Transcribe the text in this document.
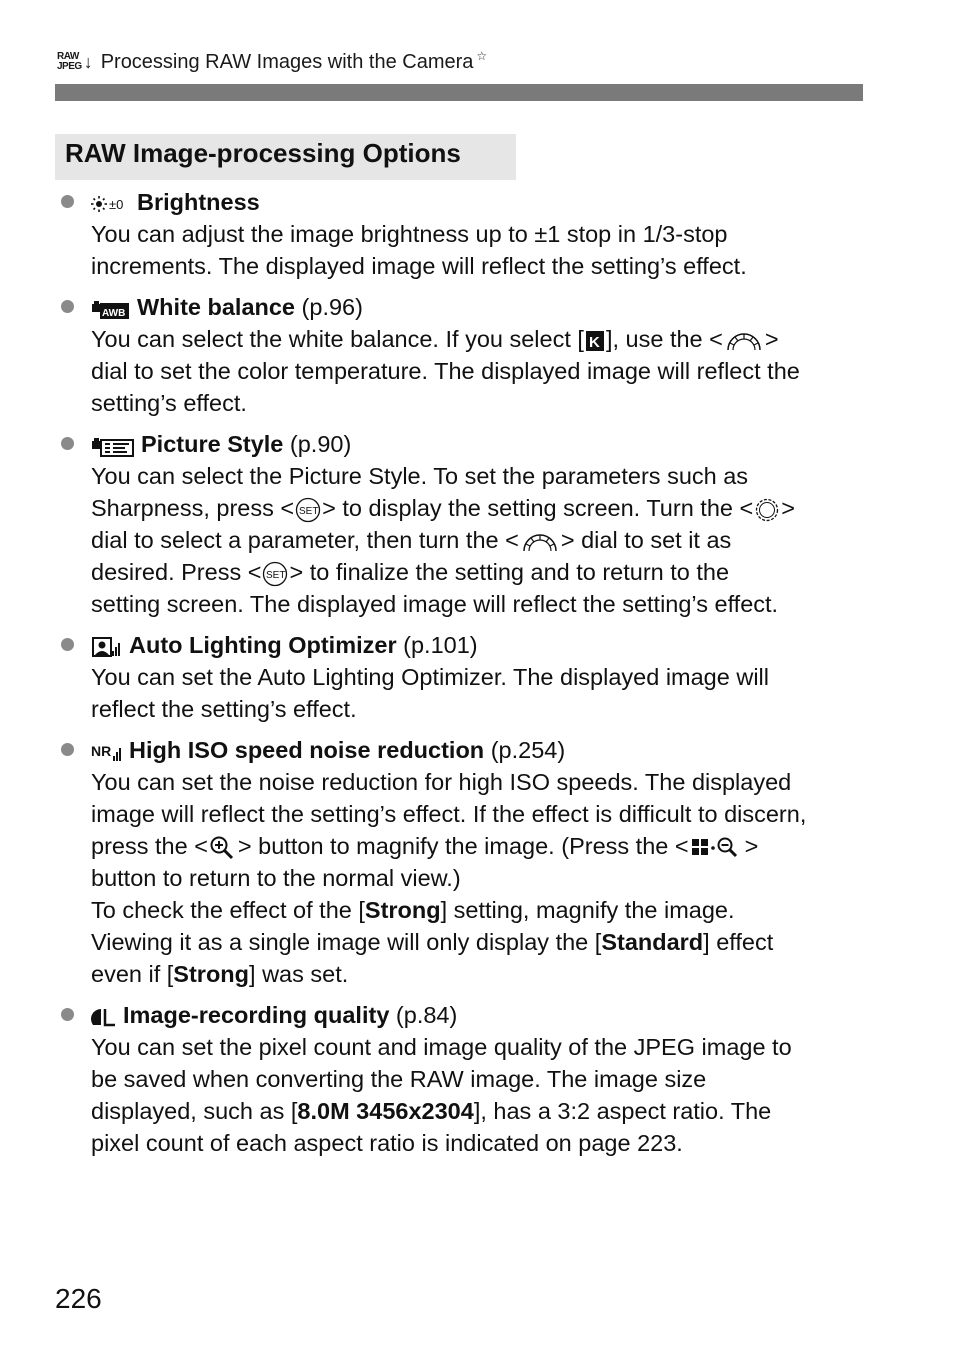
RAW
JPEG ↓ Processing RAW Images with the Camera ☆
RAW Image-processing Options
±0 Brightness
You can adjust the image brightness up to ±1 stop in 1/3-stop
increments. The displayed image will reflect the setting’s effect.
AWB White balance (p.96)
You can select the white balance. If you select [ K ], use the < >
dial to set the color temperature. The displayed image will reflect the
setting’s effect.
Picture Style (p.90)
You can select the Picture Style. To set the parameters such as
Sharpness, press < SET > to display the setting screen. Turn the < >
dial to select a parameter, then turn the < > dial to set it as
desired. Press < SET > to finalize the setting and to return to the
setting screen. The displayed image will reflect the setting’s effect.
Auto Lighting Optimizer (p.101)
You can set the Auto Lighting Optimizer. The displayed image will
reflect the setting’s effect.
NR High ISO speed noise reduction (p.254)
You can set the noise reduction for high ISO speeds. The displayed
image will reflect the setting’s effect. If the effect is difficult to discern,
press the < > button to magnify the image. (Press the < >
button to return to the normal view.)
To check the effect of the [Strong] setting, magnify the image.
Viewing it as a single image will only display the [Standard] effect
even if [Strong] was set.
Image-recording quality (p.84)
You can set the pixel count and image quality of the JPEG image to
be saved when converting the RAW image. The image size
displayed, such as [8.0M 3456x2304], has a 3:2 aspect ratio. The
pixel count of each aspect ratio is indicated on page 223.
226
